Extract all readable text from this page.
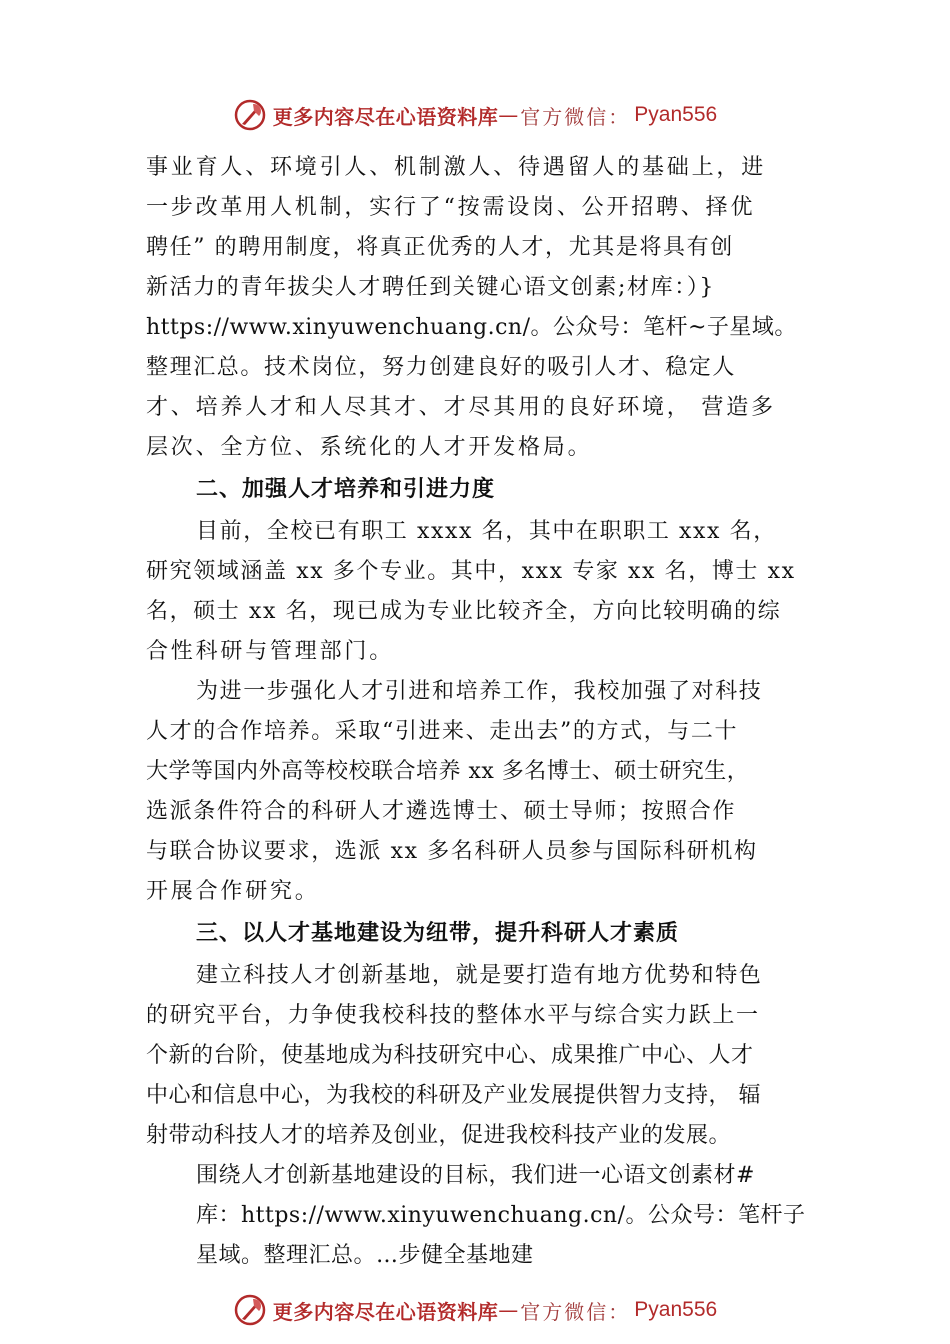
更多内容尽在心语资料库 — 官方微信： Pyan556
事业育人、环境引人、机制激人、待遇留人的基础上，进
一步改革用人机制，实行了“按需设岗、公开招聘、择优
聘任” 的聘用制度，将真正优秀的人才，尤其是将具有创
新活力的青年拔尖人才聘任到关键心语文创素;材库：）}
https://www.xinyuwenchuang.cn/。公众号：笔杆~子星域。
整理汇总。技术岗位，努力创建良好的吸引人才、稳定人
才、培养人才和人尽其才、才尽其用的良好环境， 营造多
层次、全方位、系统化的人才开发格局。
二、加强人才培养和引进力度
目前，全校已有职工 xxxx 名，其中在职职工 xxx 名，
研究领域涵盖 xx 多个专业。其中，xxx 专家 xx 名，博士 xx
名，硕士 xx 名，现已成为专业比较齐全，方向比较明确的综
合性科研与管理部门。
为进一步强化人才引进和培养工作，我校加强了对科技
人才的合作培养。采取“引进来、走出去”的方式，与二十
大学等国内外高等校校联合培养 xx 多名博士、硕士研究生，
选派条件符合的科研人才遴选博士、硕士导师；按照合作
与联合协议要求，选派 xx 多名科研人员参与国际科研机构
开展合作研究。
三、以人才基地建设为纽带，提升科研人才素质
建立科技人才创新基地，就是要打造有地方优势和特色
的研究平台，力争使我校科技的整体水平与综合实力跃上一
个新的台阶，使基地成为科技研究中心、成果推广中心、人才
中心和信息中心，为我校的科研及产业发展提供智力支持， 辐
射带动科技人才的培养及创业，促进我校科技产业的发展。
围绕人才创新基地建设的目标，我们进一心语文创素材#
库：https://www.xinyuwenchuang.cn/。公众号：笔杆子
星域。整理汇总。…步健全基地建
更多内容尽在心语资料库 — 官方微信： Pyan556
